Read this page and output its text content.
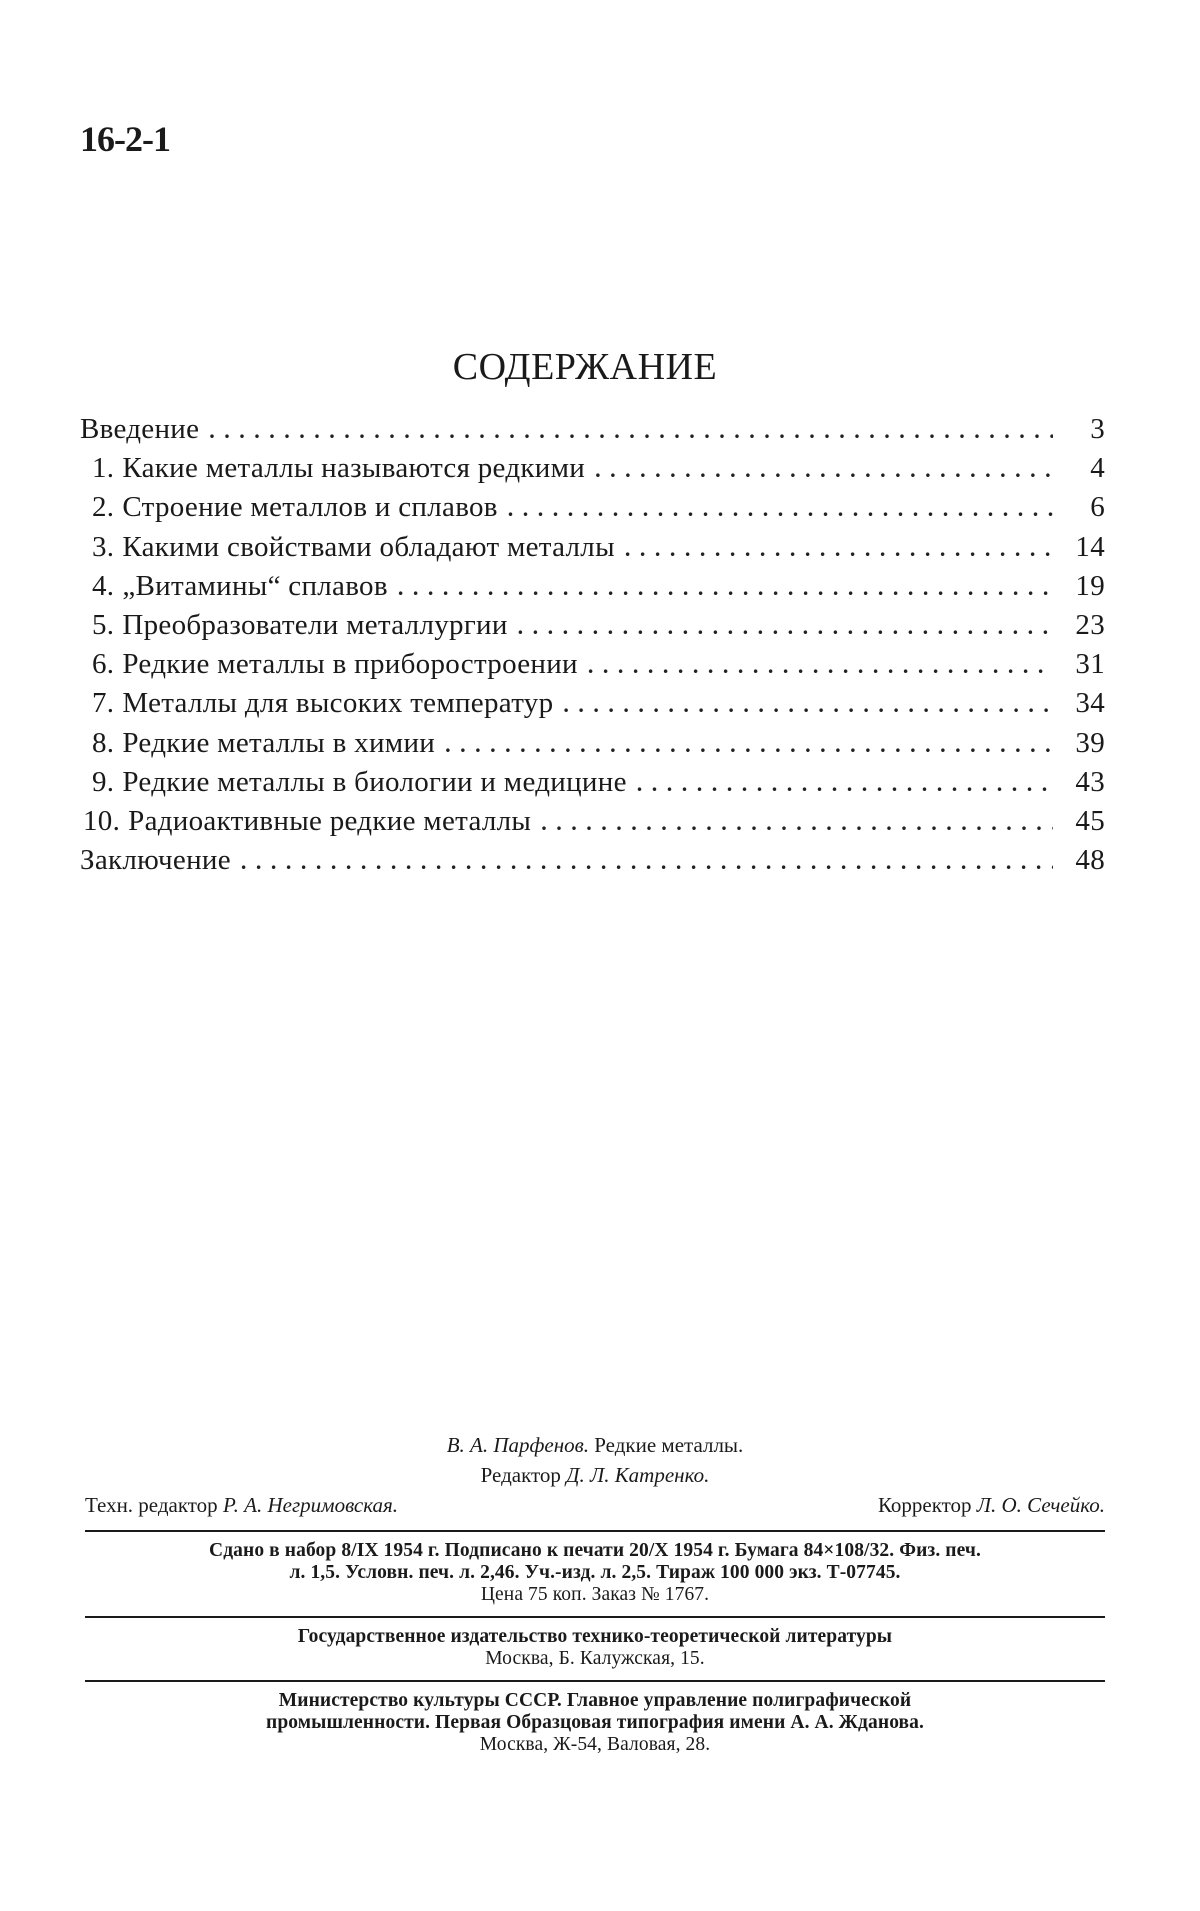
16-2-1
СОДЕРЖАНИЕ
Введение . . .	3
1. Какие металлы называются редкими . . .	4
2. Строение металлов и сплавов . . .	6
3. Какими свойствами обладают металлы . . .	14
4. „Витамины“ сплавов . . .	19
5. Преобразователи металлургии . . .	23
6. Редкие металлы в приборостроении . . .	31
7. Металлы для высоких температур . . .	34
8. Редкие металлы в химии . . .	39
9. Редкие металлы в биологии и медицине . . .	43
10. Радиоактивные редкие металлы . . .	45
Заключение . . .	48
В. А. Парфенов. Редкие металлы.
Редактор Д. Л. Катренко.
Техн. редактор Р. А. Негримовская.	Корректор Л. О. Сечейко.
Сдано в набор 8/IX 1954 г. Подписано к печати 20/X 1954 г. Бумага 84×108/32. Физ. печ.
л. 1,5. Условн. печ. л. 2,46. Уч.-изд. л. 2,5. Тираж 100 000 экз. Т-07745.
Цена 75 коп. Заказ № 1767.
Государственное издательство технико-теоретической литературы
Москва, Б. Калужская, 15.
Министерство культуры СССР. Главное управление полиграфической
промышленности. Первая Образцовая типография имени А. А. Жданова.
Москва, Ж-54, Валовая, 28.
